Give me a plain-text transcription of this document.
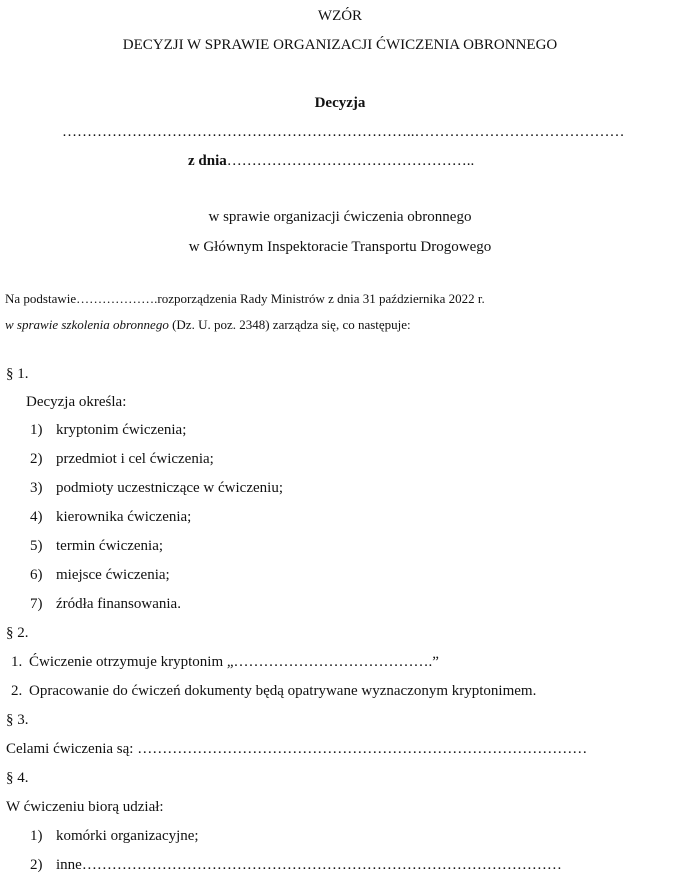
WZÓR
DECYZJI W SPRAWIE ORGANIZACJI ĆWICZENIA OBRONNEGO
Decyzja
……………………………………………………………..……………………………………
z dnia…………………………………………..
w sprawie organizacji ćwiczenia obronnego
w Głównym Inspektoracie Transportu Drogowego
Na podstawie……………….rozporządzenia Rady Ministrów z dnia 31 października 2022 r.
w sprawie szkolenia obronnego (Dz. U. poz. 2348) zarządza się, co następuje:
§ 1.
Decyzja określa:
1) kryptonim ćwiczenia;
2) przedmiot i cel ćwiczenia;
3) podmioty uczestniczące w ćwiczeniu;
4) kierownika ćwiczenia;
5) termin ćwiczenia;
6) miejsce ćwiczenia;
7) źródła finansowania.
§ 2.
1. Ćwiczenie otrzymuje kryptonim „………………………………….”
2. Opracowanie do ćwiczeń dokumenty będą opatrywane wyznaczonym kryptonimem.
§ 3.
Celami ćwiczenia są: ………………………………………………………………………………
§ 4.
W ćwiczeniu biorą udział:
1) komórki organizacyjne;
2) inne……………………………………………………………………………………
